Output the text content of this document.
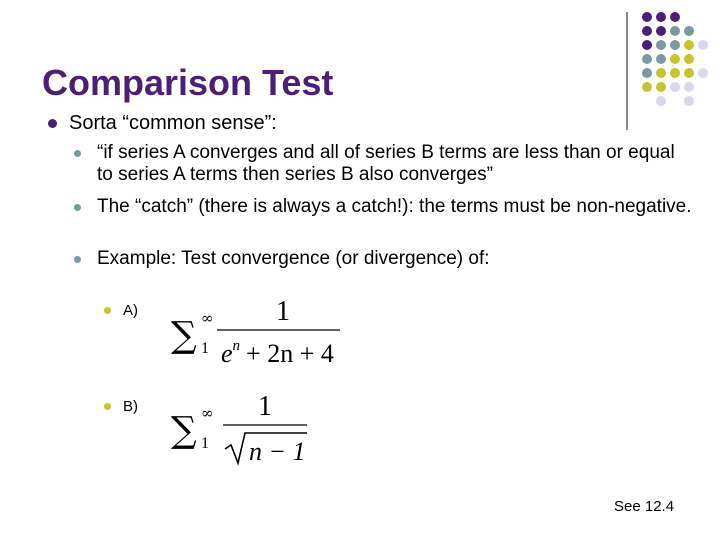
Comparison Test
Sorta “common sense”:
“if series A converges and all of series B terms are less than or equal to series A terms then series B also converges”
The “catch” (there is always a catch!): the terms must be non-negative.
Example: Test convergence (or divergence) of:
A)
∑ ∞
1
1
$e^n + 2n + 4$
B)
∑ ∞
1
1
n − 1
See 12.4
